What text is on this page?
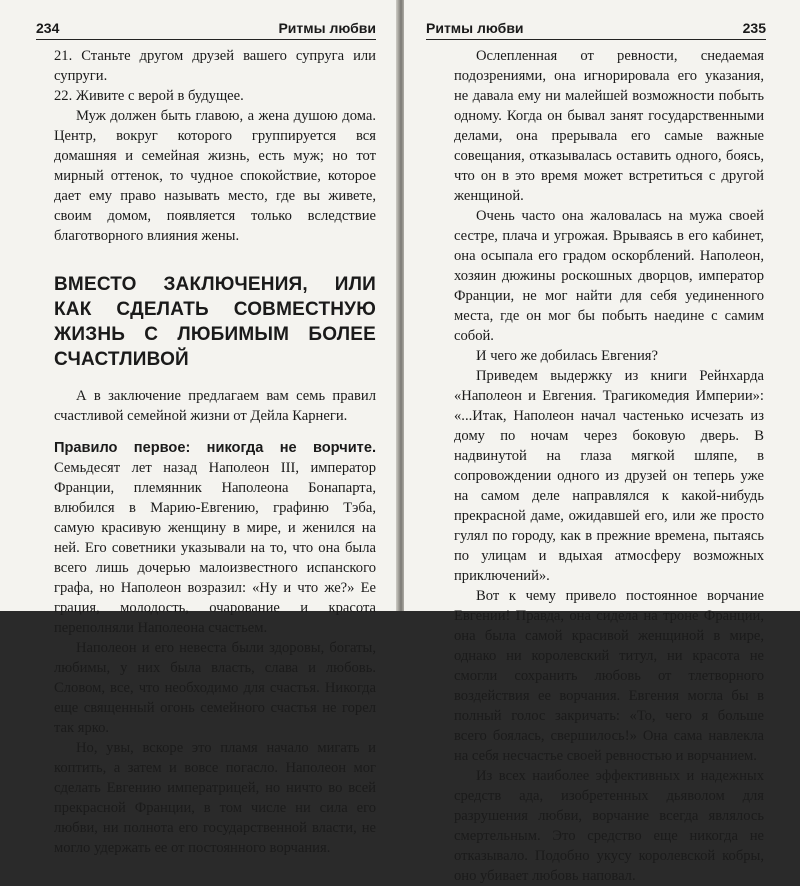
234	Ритмы любви
21. Станьте другом друзей вашего супруга или супруги.
22. Живите с верой в будущее.

Муж должен быть главою, а жена душою дома. Центр, вокруг которого группируется вся домашняя и семейная жизнь, есть муж; но тот мирный оттенок, то чудное спокойствие, которое дает ему право называть место, где вы живете, своим домом, появляется только вследствие благотворного влияния жены.

ВМЕСТО ЗАКЛЮЧЕНИЯ, ИЛИ КАК СДЕЛАТЬ СОВМЕСТНУЮ ЖИЗНЬ С ЛЮБИМЫМ БОЛЕЕ СЧАСТЛИВОЙ

А в заключение предлагаем вам семь правил счастливой семейной жизни от Дейла Карнеги.

Правило первое: никогда не ворчите. Семьдесят лет назад Наполеон III, император Франции, племянник Наполеона Бонапарта, влюбился в Марию-Евгению, графиню Тэба, самую красивую женщину в мире, и женился на ней. Его советники указывали на то, что она была всего лишь дочерью малоизвестного испанского графа, но Наполеон возразил: «Ну и что же?» Ее грация, молодость, очарование и красота переполняли Наполеона счастьем.

Наполеон и его невеста были здоровы, богаты, любимы, у них была власть, слава и любовь. Словом, все, что необходимо для счастья. Никогда еще священный огонь семейного счастья не горел так ярко.

Но, увы, вскоре это пламя начало мигать и коптить, а затем и вовсе погасло. Наполеон мог сделать Евгению императрицей, но ничто во всей прекрасной Франции, в том числе ни сила его любви, ни полнота его государственной власти, не могло удержать ее от постоянного ворчания.

Ритмы любви	235

Ослепленная от ревности, снедаемая подозрениями, она игнорировала его указания, не давала ему ни малейшей возможности побыть одному. Когда он бывал занят государственными делами, она прерывала его самые важные совещания, отказывалась оставить одного, боясь, что он в это время может встретиться с другой женщиной.

Очень часто она жаловалась на мужа своей сестре, плача и угрожая. Врываясь в его кабинет, она осыпала его градом оскорблений. Наполеон, хозяин дюжины роскошных дворцов, император Франции, не мог найти для себя уединенного места, где он мог бы побыть наедине с самим собой.

И чего же добилась Евгения?

Приведем выдержку из книги Рейнхарда «Наполеон и Евгения. Трагикомедия Империи»: «...Итак, Наполеон начал частенько исчезать из дому по ночам через боковую дверь. В надвинутой на глаза мягкой шляпе, в сопровождении одного из друзей он теперь уже на самом деле направлялся к какой-нибудь прекрасной даме, ожидавшей его, или же просто гулял по городу, как в прежние времена, пытаясь по улицам и вдыхая атмосферу возможных приключений».

Вот к чему привело постоянное ворчание Евгении! Правда, она сидела на троне Франции, она была самой красивой женщиной в мире, однако ни королевский титул, ни красота не смогли сохранить любовь от тлетворного воздействия ее ворчания. Евгения могла бы в полный голос закричать: «То, чего я больше всего боялась, свершилось!» Она сама навлекла на себя несчастье своей ревностью и ворчанием.

Из всех наиболее эффективных и надежных средств ада, изобретенных дьяволом для разрушения любви, ворчание всегда являлось смертельным. Это средство еще никогда не отказывало. Подобно укусу королевской кобры, оно убивает любовь наповал.
